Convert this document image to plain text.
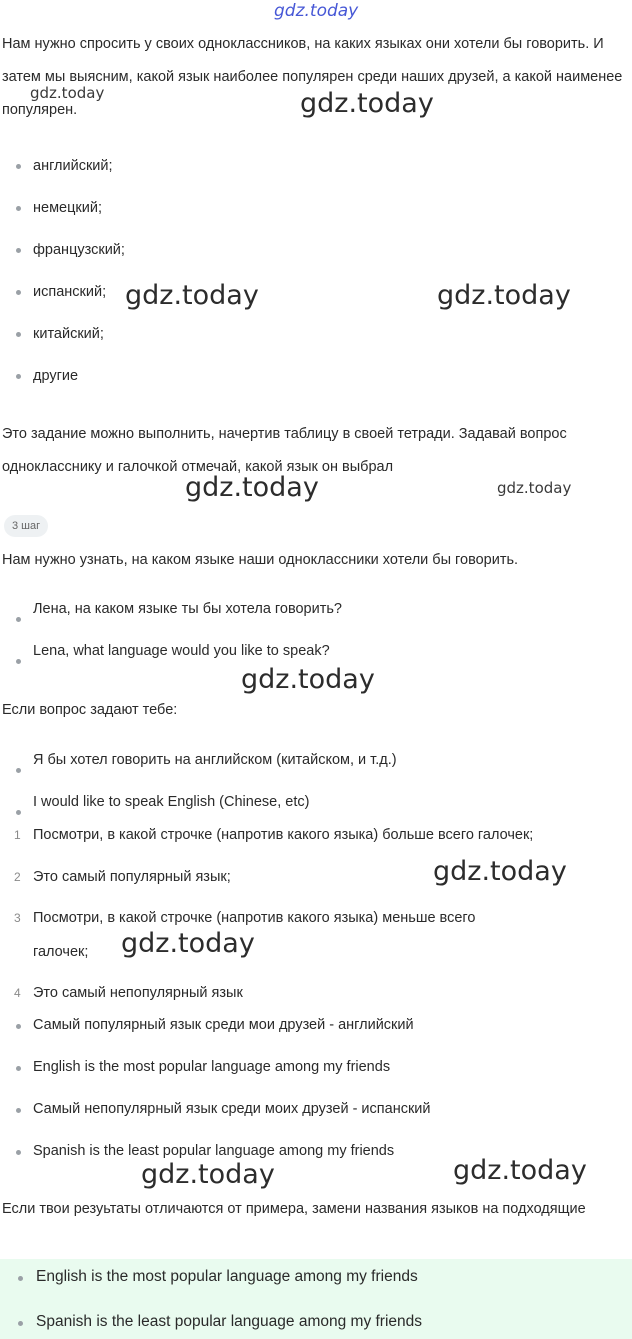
gdz.today
Нам нужно спросить у своих одноклассников, на каких языках они хотели бы говорить. И затем мы выясним, какой язык наиболее популярен среди наших друзей, а какой наименее популярен.
gdz.today	gdz.today
английский;
немецкий;
французский;
испанский;
китайский;
другие
gdz.today	gdz.today
Это задание можно выполнить, начертив таблицу в своей тетради. Задавай вопрос однокласснику и галочкой отмечай, какой язык он выбрал
gdz.today	gdz.today
3 шаг
Нам нужно узнать, на каком языке наши одноклассники хотели бы говорить.
Лена, на каком языке ты бы хотела говорить?
Lena, what language would you like to speak?
gdz.today
Если вопрос задают тебе:
Я бы хотел говорить на английском (китайском, и т.д.)
I would like to speak English (Chinese, etc)
1 Посмотри, в какой строчке (напротив какого языка) больше всего галочек;
2 Это самый популярный язык;	gdz.today
3 Посмотри, в какой строчке (напротив какого языка) меньше всего
галочек; gdz.today
4 Это самый непопулярный язык
Самый популярный язык среди мои друзей - английский
English is the most popular language among my friends
Самый непопулярный язык среди моих друзей - испанский
Spanish is the least popular language among my friends
gdz.today	gdz.today
Если твои резуьтаты отличаются от примера, замени названия языков на подходящие
English is the most popular language among my friends
Spanish is the least popular language among my friends
